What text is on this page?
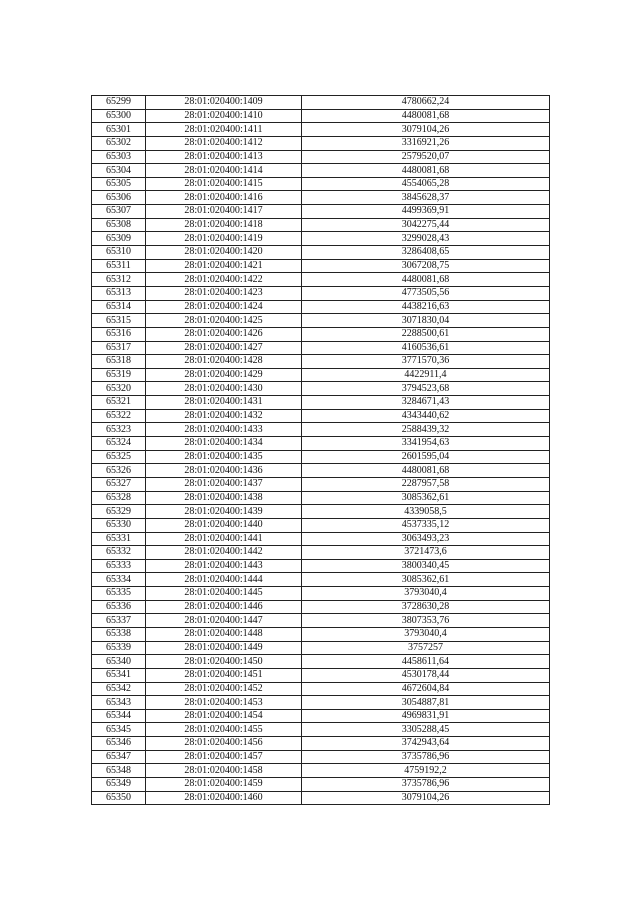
65299	28:01:020400:1409	4780662,24
65300	28:01:020400:1410	4480081,68
65301	28:01:020400:1411	3079104,26
65302	28:01:020400:1412	3316921,26
65303	28:01:020400:1413	2579520,07
65304	28:01:020400:1414	4480081,68
65305	28:01:020400:1415	4554065,28
65306	28:01:020400:1416	3845628,37
65307	28:01:020400:1417	4499369,91
65308	28:01:020400:1418	3042275,44
65309	28:01:020400:1419	3299028,43
65310	28:01:020400:1420	3286408,65
65311	28:01:020400:1421	3067208,75
65312	28:01:020400:1422	4480081,68
65313	28:01:020400:1423	4773505,56
65314	28:01:020400:1424	4438216,63
65315	28:01:020400:1425	3071830,04
65316	28:01:020400:1426	2288500,61
65317	28:01:020400:1427	4160536,61
65318	28:01:020400:1428	3771570,36
65319	28:01:020400:1429	4422911,4
65320	28:01:020400:1430	3794523,68
65321	28:01:020400:1431	3284671,43
65322	28:01:020400:1432	4343440,62
65323	28:01:020400:1433	2588439,32
65324	28:01:020400:1434	3341954,63
65325	28:01:020400:1435	2601595,04
65326	28:01:020400:1436	4480081,68
65327	28:01:020400:1437	2287957,58
65328	28:01:020400:1438	3085362,61
65329	28:01:020400:1439	4339058,5
65330	28:01:020400:1440	4537335,12
65331	28:01:020400:1441	3063493,23
65332	28:01:020400:1442	3721473,6
65333	28:01:020400:1443	3800340,45
65334	28:01:020400:1444	3085362,61
65335	28:01:020400:1445	3793040,4
65336	28:01:020400:1446	3728630,28
65337	28:01:020400:1447	3807353,76
65338	28:01:020400:1448	3793040,4
65339	28:01:020400:1449	3757257
65340	28:01:020400:1450	4458611,64
65341	28:01:020400:1451	4530178,44
65342	28:01:020400:1452	4672604,84
65343	28:01:020400:1453	3054887,81
65344	28:01:020400:1454	4969831,91
65345	28:01:020400:1455	3305288,45
65346	28:01:020400:1456	3742943,64
65347	28:01:020400:1457	3735786,96
65348	28:01:020400:1458	4759192,2
65349	28:01:020400:1459	3735786,96
65350	28:01:020400:1460	3079104,26
